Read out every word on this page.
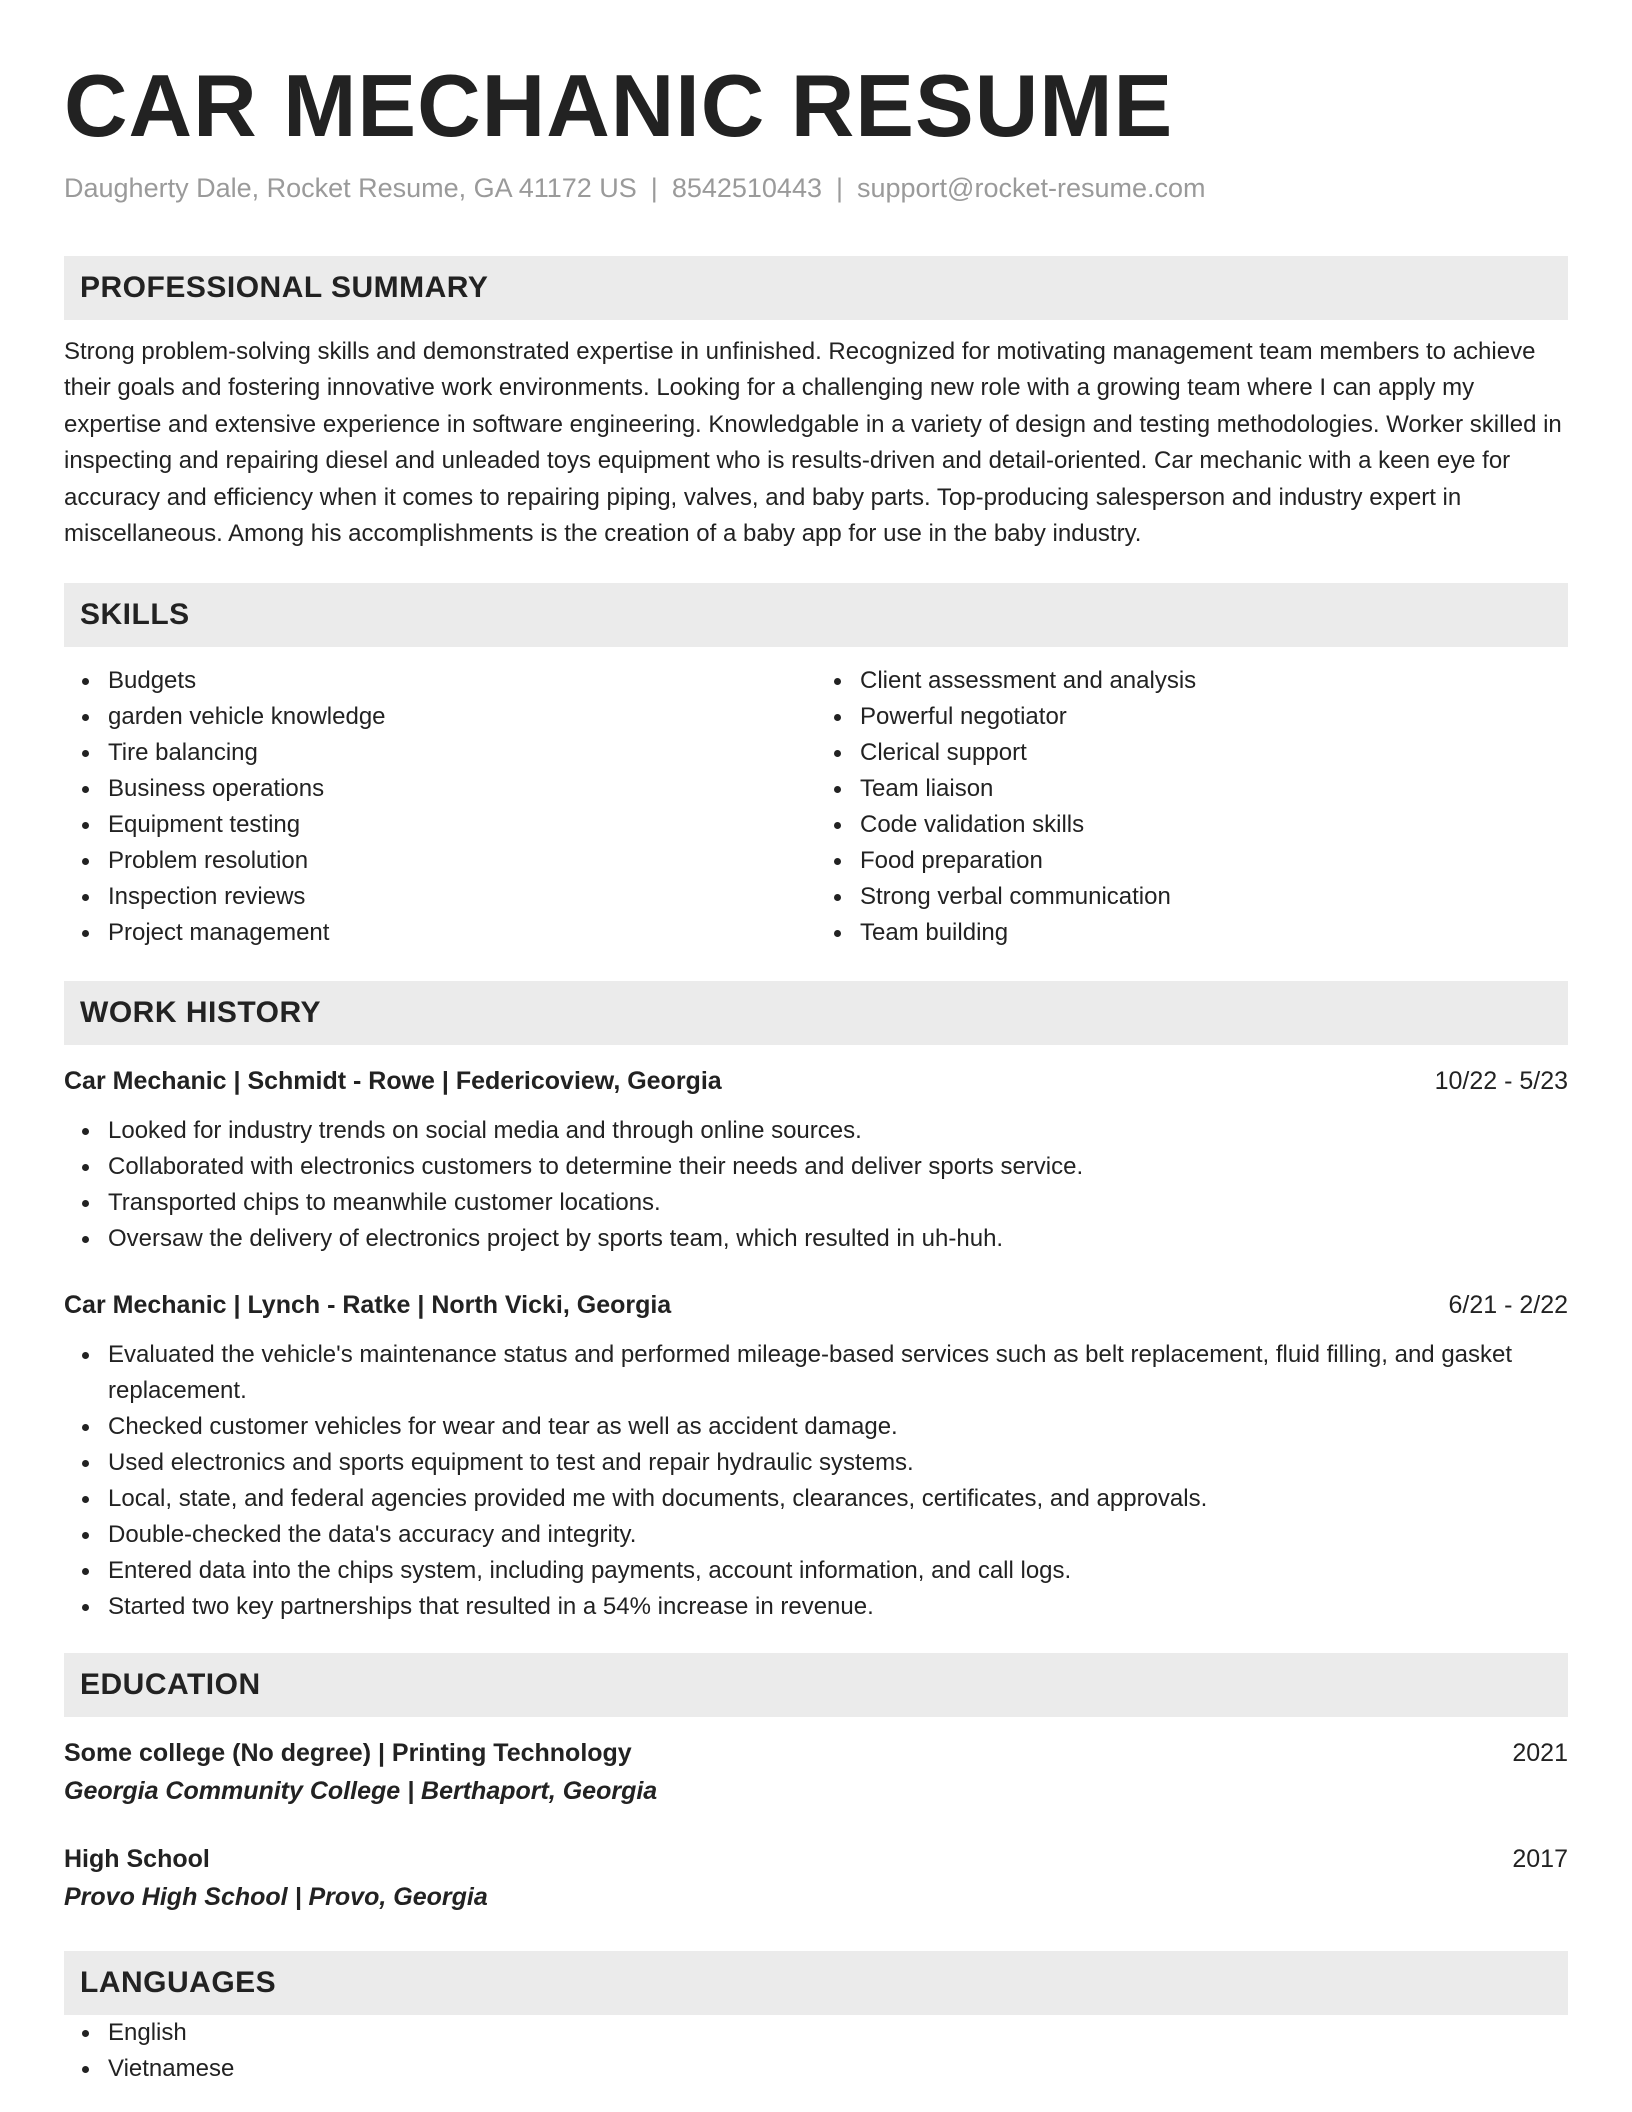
CAR MECHANIC RESUME
Daugherty Dale, Rocket Resume, GA 41172 US | 8542510443 | support@rocket-resume.com
PROFESSIONAL SUMMARY

Strong problem-solving skills and demonstrated expertise in unfinished. Recognized for motivating management team members to achieve their goals and fostering innovative work environments. Looking for a challenging new role with a growing team where I can apply my expertise and extensive experience in software engineering. Knowledgable in a variety of design and testing methodologies. Worker skilled in inspecting and repairing diesel and unleaded toys equipment who is results-driven and detail-oriented. Car mechanic with a keen eye for accuracy and efficiency when it comes to repairing piping, valves, and baby parts. Top-producing salesperson and industry expert in miscellaneous. Among his accomplishments is the creation of a baby app for use in the baby industry.

SKILLS
Budgets
garden vehicle knowledge
Tire balancing
Business operations
Equipment testing
Problem resolution
Inspection reviews
Project management
Client assessment and analysis
Powerful negotiator
Clerical support
Team liaison
Code validation skills
Food preparation
Strong verbal communication
Team building
WORK HISTORY
Car Mechanic | Schmidt - Rowe | Federicoview, Georgia	10/22 - 5/23
Looked for industry trends on social media and through online sources.
Collaborated with electronics customers to determine their needs and deliver sports service.
Transported chips to meanwhile customer locations.
Oversaw the delivery of electronics project by sports team, which resulted in uh-huh.
Car Mechanic | Lynch - Ratke | North Vicki, Georgia	6/21 - 2/22
Evaluated the vehicle's maintenance status and performed mileage-based services such as belt replacement, fluid filling, and gasket replacement.
Checked customer vehicles for wear and tear as well as accident damage.
Used electronics and sports equipment to test and repair hydraulic systems.
Local, state, and federal agencies provided me with documents, clearances, certificates, and approvals.
Double-checked the data's accuracy and integrity.
Entered data into the chips system, including payments, account information, and call logs.
Started two key partnerships that resulted in a 54% increase in revenue.
EDUCATION
Some college (No degree) | Printing Technology	2021
Georgia Community College | Berthaport, Georgia
High School	2017
Provo High School | Provo, Georgia
LANGUAGES
English
Vietnamese
